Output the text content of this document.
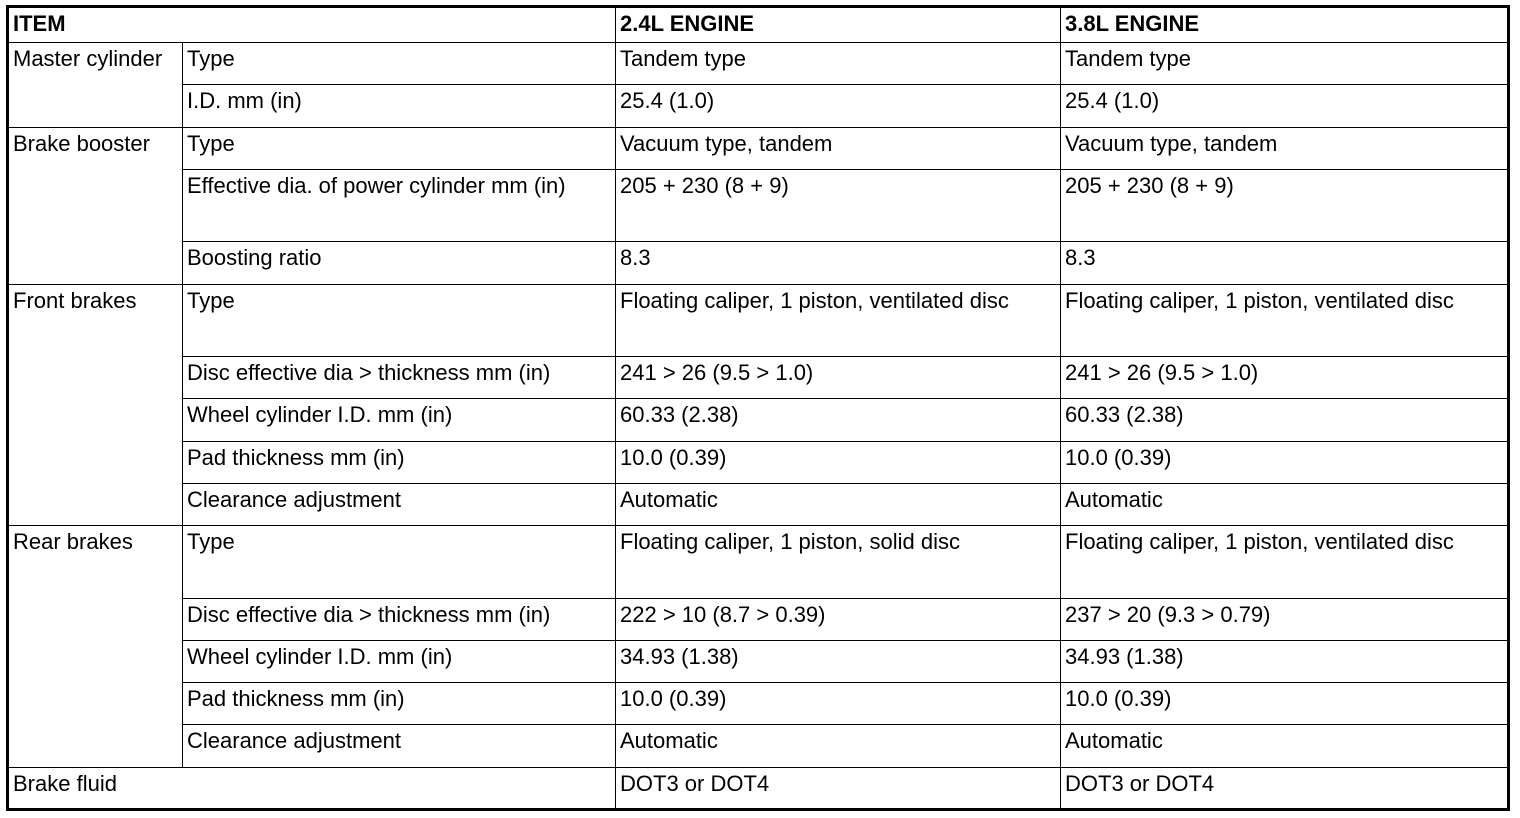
ITEM		2.4L ENGINE	3.8L ENGINE
Master cylinder	Type	Tandem type	Tandem type
	I.D. mm (in)	25.4 (1.0)	25.4 (1.0)
Brake booster	Type	Vacuum type, tandem	Vacuum type, tandem
	Effective dia. of power cylinder mm (in)	205 + 230 (8 + 9)	205 + 230 (8 + 9)
	Boosting ratio	8.3	8.3
Front brakes	Type	Floating caliper, 1 piston, ventilated disc	Floating caliper, 1 piston, ventilated disc
	Disc effective dia > thickness mm (in)	241 > 26 (9.5 > 1.0)	241 > 26 (9.5 > 1.0)
	Wheel cylinder I.D. mm (in)	60.33 (2.38)	60.33 (2.38)
	Pad thickness mm (in)	10.0 (0.39)	10.0 (0.39)
	Clearance adjustment	Automatic	Automatic
Rear brakes	Type	Floating caliper, 1 piston, solid disc	Floating caliper, 1 piston, ventilated disc
	Disc effective dia > thickness mm (in)	222 > 10 (8.7 > 0.39)	237 > 20 (9.3 > 0.79)
	Wheel cylinder I.D. mm (in)	34.93 (1.38)	34.93 (1.38)
	Pad thickness mm (in)	10.0 (0.39)	10.0 (0.39)
	Clearance adjustment	Automatic	Automatic
Brake fluid		DOT3 or DOT4	DOT3 or DOT4
